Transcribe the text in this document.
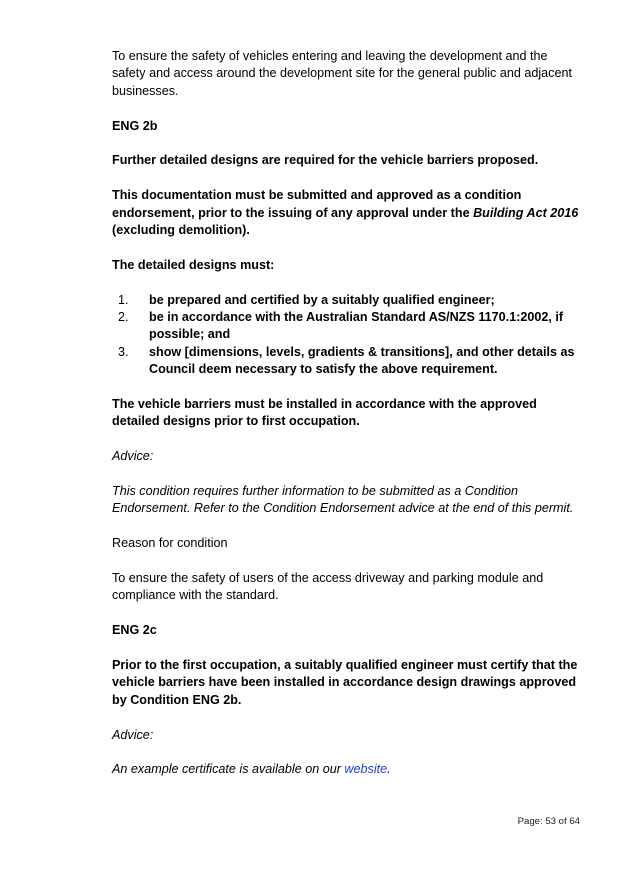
To ensure the safety of vehicles entering and leaving the development and the safety and access around the development site for the general public and adjacent businesses.

ENG 2b

Further detailed designs are required for the vehicle barriers proposed.

This documentation must be submitted and approved as a condition endorsement, prior to the issuing of any approval under the Building Act 2016 (excluding demolition).

The detailed designs must:

1.	be prepared and certified by a suitably qualified engineer;
2.	be in accordance with the Australian Standard AS/NZS 1170.1:2002, if possible; and
3.	show [dimensions, levels, gradients & transitions], and other details as Council deem necessary to satisfy the above requirement.

The vehicle barriers must be installed in accordance with the approved detailed designs prior to first occupation.

Advice:

This condition requires further information to be submitted as a Condition Endorsement. Refer to the Condition Endorsement advice at the end of this permit.

Reason for condition

To ensure the safety of users of the access driveway and parking module and compliance with the standard.

ENG 2c

Prior to the first occupation, a suitably qualified engineer must certify that the vehicle barriers have been installed in accordance design drawings approved by Condition ENG 2b.

Advice:

An example certificate is available on our website.

Page: 53 of 64
